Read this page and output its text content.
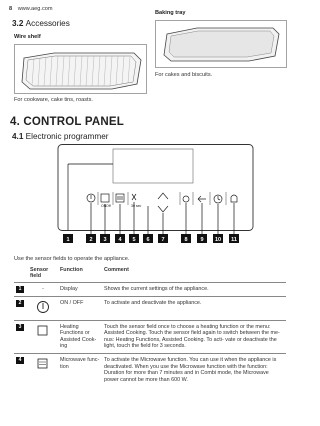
8 www.aeg.com
3.2 Accessories
Wire shelf
For cookware, cake tins, roasts.
Baking tray
For cakes and biscuits.
4. CONTROL PANEL
4.1 Electronic programmer
ON Off	30 sec
1	2 3 4 5 6 7	8 9 10 11
Use the sensor fields to operate the appliance.
	Sensor field	Function	Comment
1	-	Display	Shows the current settings of the appliance.
2		ON / OFF	To activate and deactivate the appliance.
3		Heating Functions or Assisted Cook- ing	Touch the sensor field once to choose a heating function or the menu: Assisted Cooking. Touch the sensor field again to switch between the me- nus: Heating Functions, Assisted Cooking. To acti- vate or deactivate the light, touch the field for 3 seconds.
4		Microwave func- tion	To activate the Microwave function. You can use it when the appliance is deactivated. When you use the Microwave function with the function: Duration for more than 7 minutes and in Combi mode, the Microwave power cannot be more than 600 W.
